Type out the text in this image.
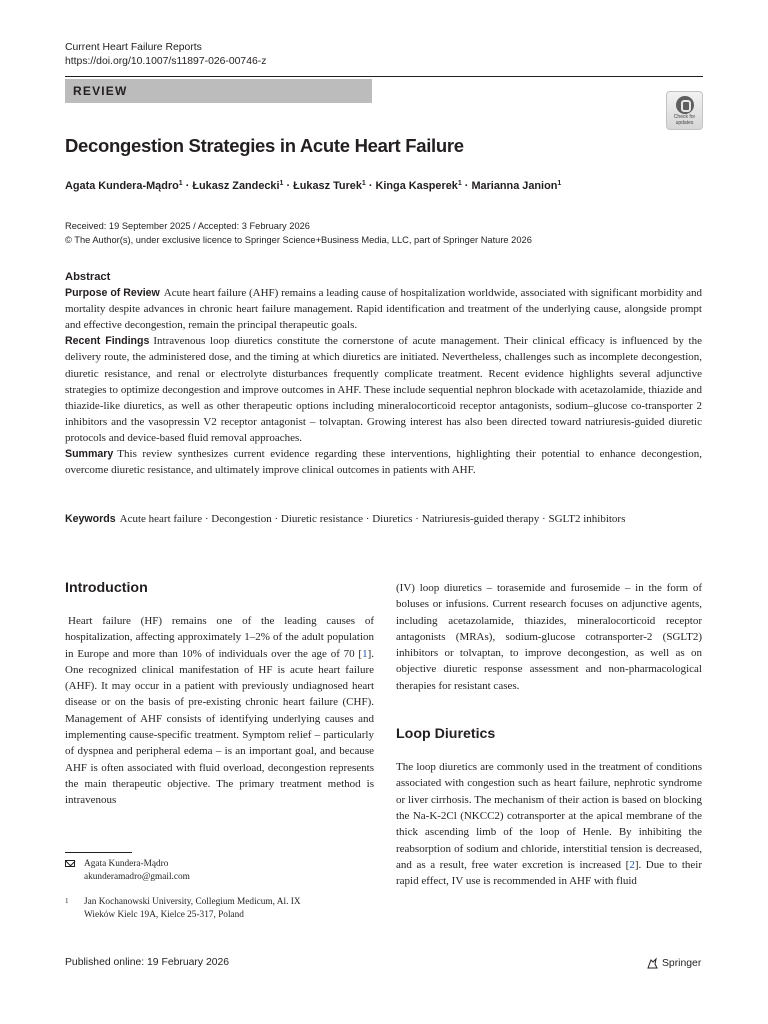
Current Heart Failure Reports
https://doi.org/10.1007/s11897-026-00746-z
REVIEW
Check for
updates
Decongestion Strategies in Acute Heart Failure
Agata Kundera-Mądro$^1$ · Łukasz Zandecki$^1$ · Łukasz Turek$^1$ · Kinga Kasperek$^1$ · Marianna Janion$^1$
Received: 19 September 2025 / Accepted: 3 February 2026
© The Author(s), under exclusive licence to Springer Science+Business Media, LLC, part of Springer Nature 2026
Abstract

Purpose of Review Acute heart failure (AHF) remains a leading cause of hospitalization worldwide, associated with significant morbidity and mortality despite advances in chronic heart failure management. Rapid identification and treatment of the underlying cause, alongside prompt and effective decongestion, remain the principal therapeutic goals.

Recent Findings Intravenous loop diuretics constitute the cornerstone of acute management. Their clinical efficacy is influenced by the delivery route, the administered dose, and the timing at which diuretics are initiated. Nevertheless, challenges such as incomplete decongestion, diuretic resistance, and renal or electrolyte disturbances frequently complicate treatment. Recent evidence highlights several adjunctive strategies to optimize decongestion and improve outcomes in AHF. These include sequential nephron blockade with acetazolamide, thiazide and thiazide-like diuretics, as well as other therapeutic options including mineralocorticoid receptor antagonists, sodium–glucose co-transporter 2 inhibitors and the vasopressin V2 receptor antagonist – tolvaptan. Growing interest has also been directed toward natriuresis-guided diuretic protocols and device-based fluid removal approaches.

Summary This review synthesizes current evidence regarding these interventions, highlighting their potential to enhance decongestion, overcome diuretic resistance, and ultimately improve clinical outcomes in patients with AHF.

Keywords Acute heart failure · Decongestion · Diuretic resistance · Diuretics · Natriuresis-guided therapy · SGLT2 inhibitors
Introduction

Heart failure (HF) remains one of the leading causes of hospitalization, affecting approximately 1–2% of the adult population in Europe and more than 10% of individuals over the age of 70 [1]. One recognized clinical manifestation of HF is acute heart failure (AHF). It may occur in a patient with previously undiagnosed heart disease or on the basis of pre-existing chronic heart failure (CHF). Management of AHF consists of identifying underlying causes and implementing cause-specific treatment. Symptom relief – particularly of dyspnea and peripheral edema – is an important goal, and because AHF is often associated with fluid overload, decongestion represents the main therapeutic objective. The primary treatment method is intravenous

(IV) loop diuretics – torasemide and furosemide – in the form of boluses or infusions. Current research focuses on adjunctive agents, including acetazolamide, thiazides, mineralocorticoid receptor antagonists (MRAs), sodium-glucose cotransporter-2 (SGLT2) inhibitors or tolvaptan, to improve decongestion, as well as on objective diuretic response assessment and non-pharmacological therapies for resistant cases.

Loop Diuretics

The loop diuretics are commonly used in the treatment of conditions associated with congestion such as heart failure, nephrotic syndrome or liver cirrhosis. The mechanism of their action is based on blocking the Na-K-2Cl (NKCC2) cotransporter at the apical membrane of the thick ascending limb of the loop of Henle. By inhibiting the reabsorption of sodium and chloride, interstitial tension is decreased, and as a result, free water excretion is increased [2]. Due to their rapid effect, IV use is recommended in AHF with fluid

Agata Kundera-Mądro
akunderamadro@gmail.com
1	Jan Kochanowski University, Collegium Medicum, Al. IX
Wieków Kielc 19A, Kielce 25-317, Poland
Published online: 19 February 2026	Springer
